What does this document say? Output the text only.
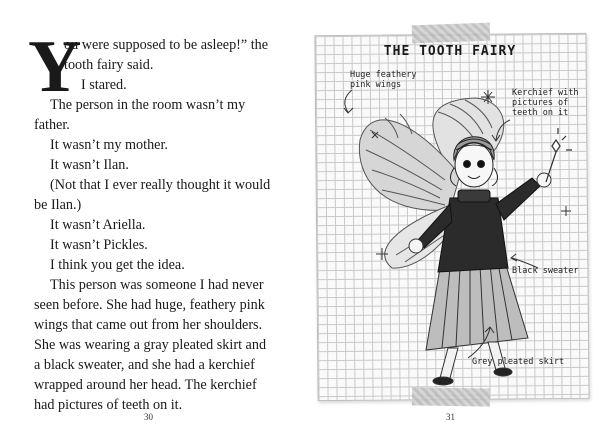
Y
ou were supposed to be asleep!” the
tooth fairy said.
I stared.
The person in the room wasn’t my
father.
It wasn’t my mother.
It wasn’t Ilan.
(Not that I ever really thought it would
be Ilan.)
It wasn’t Ariella.
It wasn’t Pickles.
I think you get the idea.
This person was someone I had never
seen before. She had huge, feathery pink
wings that came out from her shoulders.
She was wearing a gray pleated skirt and
a black sweater, and she had a kerchief
wrapped around her head. The kerchief
had pictures of teeth on it.
30
THE TOOTH FAIRY
Huge feathery
pink wings
Kerchief with
pictures of
teeth on it
Black sweater
Grey pleated skirt
31
